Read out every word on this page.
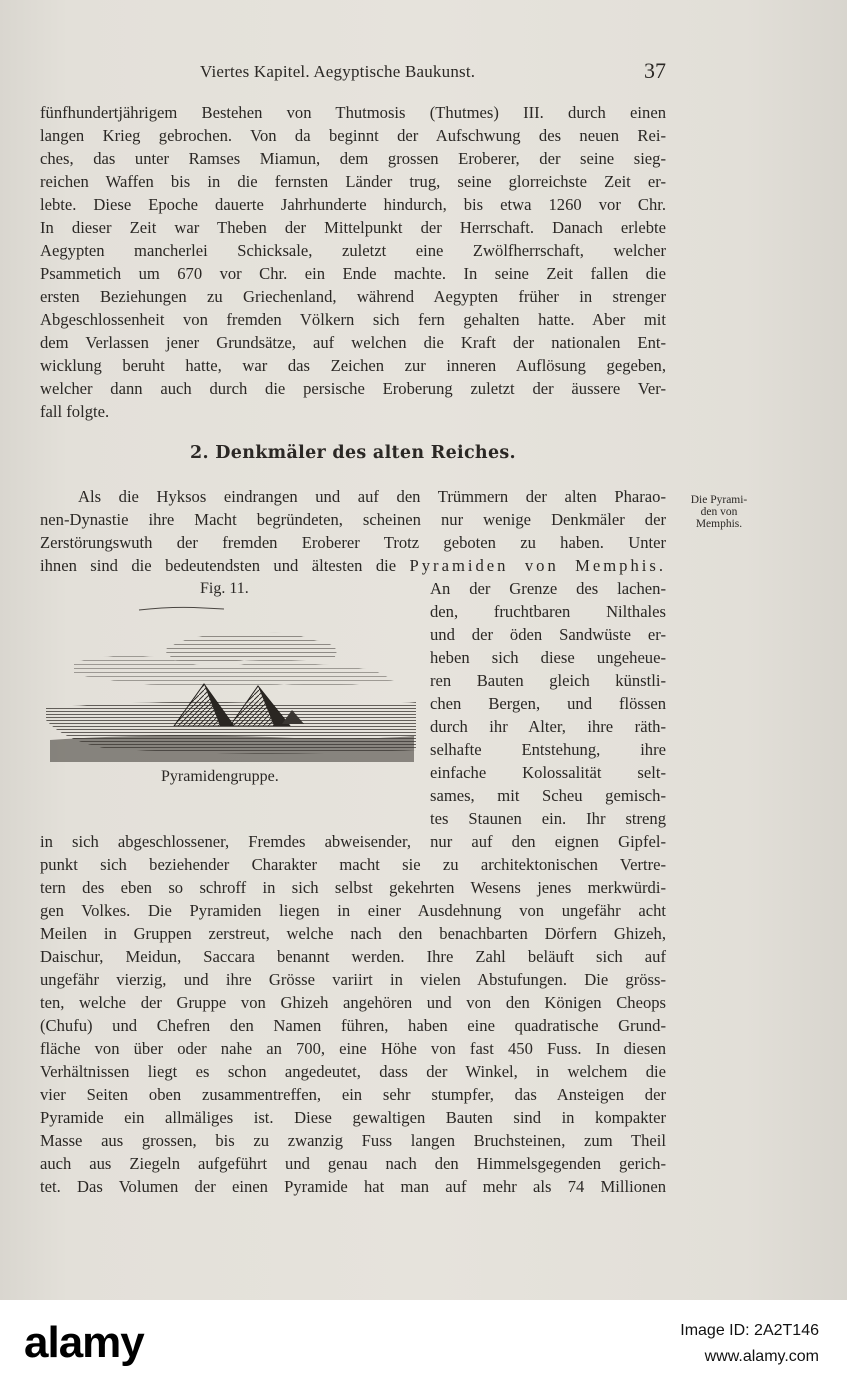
Viertes Kapitel. Aegyptische Baukunst.	37
fünfhundertjährigem Bestehen von Thutmosis (Thutmes) III. durch einen
langen Krieg gebrochen. Von da beginnt der Aufschwung des neuen Rei-
ches, das unter Ramses Miamun, dem grossen Eroberer, der seine sieg-
reichen Waffen bis in die fernsten Länder trug, seine glorreichste Zeit er-
lebte. Diese Epoche dauerte Jahrhunderte hindurch, bis etwa 1260 vor Chr.
In dieser Zeit war Theben der Mittelpunkt der Herrschaft. Danach erlebte
Aegypten mancherlei Schicksale, zuletzt eine Zwölfherrschaft, welcher
Psammetich um 670 vor Chr. ein Ende machte. In seine Zeit fallen die
ersten Beziehungen zu Griechenland, während Aegypten früher in strenger
Abgeschlossenheit von fremden Völkern sich fern gehalten hatte. Aber mit
dem Verlassen jener Grundsätze, auf welchen die Kraft der nationalen Ent-
wicklung beruht hatte, war das Zeichen zur inneren Auflösung gegeben,
welcher dann auch durch die persische Eroberung zuletzt der äussere Ver-
fall folgte.
2. Denkmäler des alten Reiches.
Die Pyrami-
den von
Memphis.
Als die Hyksos eindrangen und auf den Trümmern der alten Pharao-
nen-Dynastie ihre Macht begründeten, scheinen nur wenige Denkmäler der
Zerstörungswuth der fremden Eroberer Trotz geboten zu haben. Unter
ihnen sind die bedeutendsten und ältesten die Pyramiden von Memphis.
Fig. 11.
Pyramidengruppe.
An der Grenze des lachen-
den, fruchtbaren Nilthales
und der öden Sandwüste er-
heben sich diese ungeheue-
ren Bauten gleich künstli-
chen Bergen, und flössen
durch ihr Alter, ihre räth-
selhafte Entstehung, ihre
einfache Kolossalität selt-
sames, mit Scheu gemisch-
tes Staunen ein. Ihr streng
in sich abgeschlossener, Fremdes abweisender, nur auf den eignen Gipfel-
punkt sich beziehender Charakter macht sie zu architektonischen Vertre-
tern des eben so schroff in sich selbst gekehrten Wesens jenes merkwürdi-
gen Volkes. Die Pyramiden liegen in einer Ausdehnung von ungefähr acht
Meilen in Gruppen zerstreut, welche nach den benachbarten Dörfern Ghizeh,
Daischur, Meidun, Saccara benannt werden. Ihre Zahl beläuft sich auf
ungefähr vierzig, und ihre Grösse variirt in vielen Abstufungen. Die gröss-
ten, welche der Gruppe von Ghizeh angehören und von den Königen Cheops
(Chufu) und Chefren den Namen führen, haben eine quadratische Grund-
fläche von über oder nahe an 700, eine Höhe von fast 450 Fuss. In diesen
Verhältnissen liegt es schon angedeutet, dass der Winkel, in welchem die
vier Seiten oben zusammentreffen, ein sehr stumpfer, das Ansteigen der
Pyramide ein allmäliges ist. Diese gewaltigen Bauten sind in kompakter
Masse aus grossen, bis zu zwanzig Fuss langen Bruchsteinen, zum Theil
auch aus Ziegeln aufgeführt und genau nach den Himmelsgegenden gerich-
tet. Das Volumen der einen Pyramide hat man auf mehr als 74 Millionen
alamy	Image ID: 2A2T146
www.alamy.com
